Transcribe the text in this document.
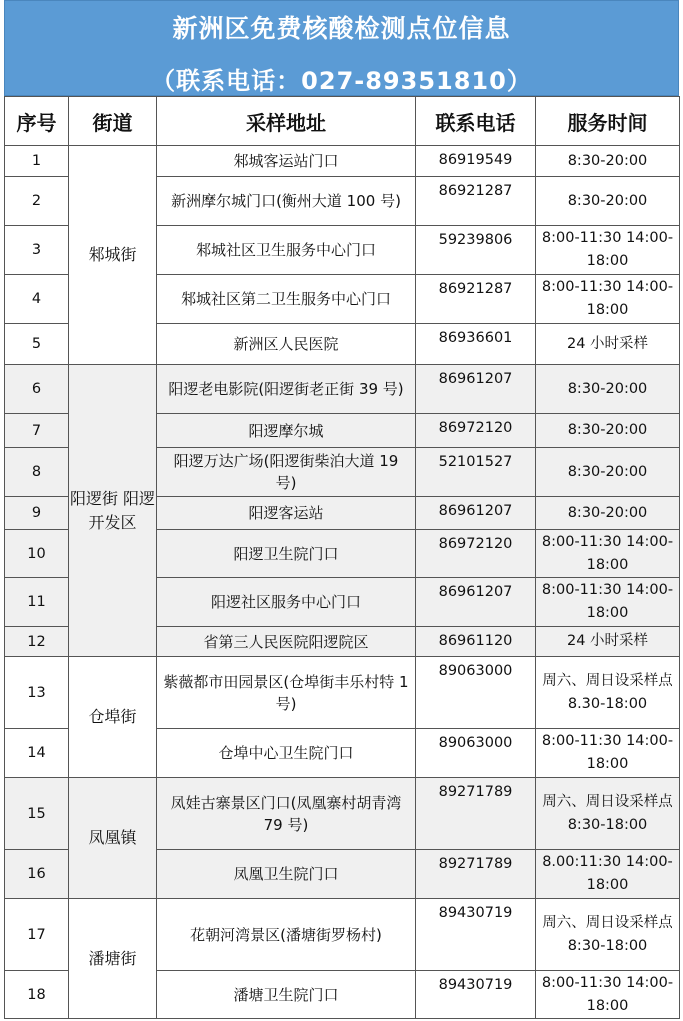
新洲区免费核酸检测点位信息
（联系电话：027-89351810）
序号	街道	采样地址	联系电话	服务时间
1	邾城街	邾城客运站门口	86919549	8:30-20:00
2		新洲摩尔城门口(衡州大道 100 号)	86921287	8:30-20:00
3		邾城社区卫生服务中心门口	59239806	8:00-11:30 14:00-18:00
4		邾城社区第二卫生服务中心门口	86921287	8:00-11:30 14:00-18:00
5		新洲区人民医院	86936601	24 小时采样
6	阳逻街 阳逻开发区	阳逻老电影院(阳逻街老正街 39 号)	86961207	8:30-20:00
7		阳逻摩尔城	86972120	8:30-20:00
8		阳逻万达广场(阳逻街柴泊大道 19 号)	52101527	8:30-20:00
9		阳逻客运站	86961207	8:30-20:00
10		阳逻卫生院门口	86972120	8:00-11:30 14:00-18:00
11		阳逻社区服务中心门口	86961207	8:00-11:30 14:00-18:00
12		省第三人民医院阳逻院区	86961120	24 小时采样
13	仓埠街	紫薇都市田园景区(仓埠街丰乐村特 1 号)	89063000	周六、周日设采样点 8.30-18:00
14		仓埠中心卫生院门口	89063000	8:00-11:30 14:00-18:00
15	凤凰镇	凤娃古寨景区门口(凤凰寨村胡青湾 79 号)	89271789	周六、周日设采样点 8:30-18:00
16		凤凰卫生院门口	89271789	8.00:11:30 14:00-18:00
17	潘塘街	花朝河湾景区(潘塘街罗杨村)	89430719	周六、周日设采样点 8:30-18:00
18		潘塘卫生院门口	89430719	8:00-11:30 14:00-18:00
